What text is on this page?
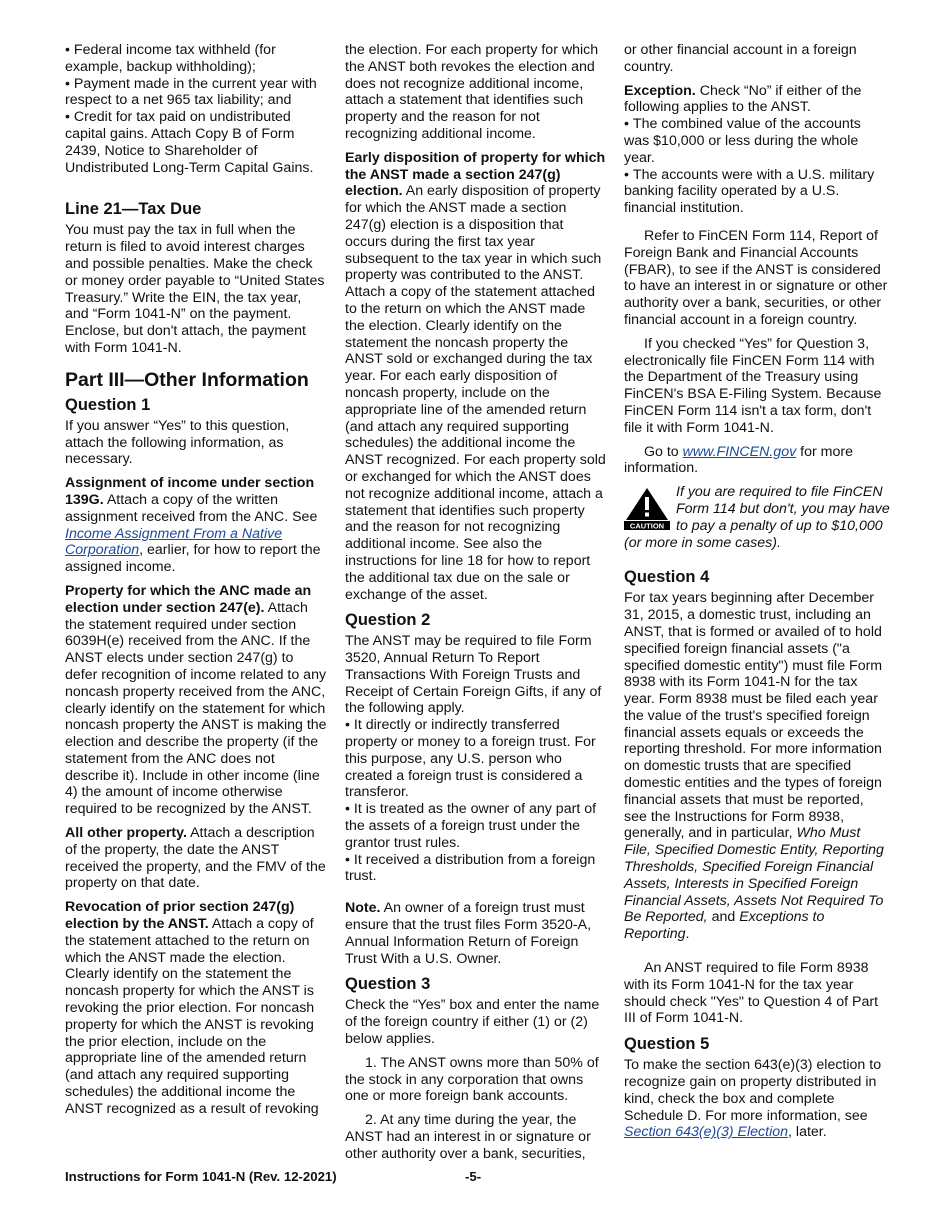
• Federal income tax withheld (for example, backup withholding);

• Payment made in the current year with respect to a net 965 tax liability; and

• Credit for tax paid on undistributed capital gains. Attach Copy B of Form 2439, Notice to Shareholder of Undistributed Long-Term Capital Gains.

Line 21—Tax Due

You must pay the tax in full when the return is filed to avoid interest charges and possible penalties. Make the check or money order payable to “United States Treasury.” Write the EIN, the tax year, and “Form 1041-N” on the payment. Enclose, but don't attach, the payment with Form 1041-N.

Part III—Other Information
Question 1

If you answer “Yes” to this question, attach the following information, as necessary.

Assignment of income under section 139G. Attach a copy of the written assignment received from the ANC. See Income Assignment From a Native Corporation, earlier, for how to report the assigned income.

Property for which the ANC made an election under section 247(e). Attach the statement required under section 6039H(e) received from the ANC. If the ANST elects under section 247(g) to defer recognition of income related to any noncash property received from the ANC, clearly identify on the statement for which noncash property the ANST is making the election and describe the property (if the statement from the ANC does not describe it). Include in other income (line 4) the amount of income otherwise required to be recognized by the ANST.

All other property. Attach a description of the property, the date the ANST received the property, and the FMV of the property on that date.

Revocation of prior section 247(g) election by the ANST. Attach a copy of the statement attached to the return on which the ANST made the election. Clearly identify on the statement the noncash property for which the ANST is revoking the prior election. For noncash property for which the ANST is revoking the prior election, include on the appropriate line of the amended return (and attach any required supporting schedules) the additional income the ANST recognized as a result of revoking

the election. For each property for which the ANST both revokes the election and does not recognize additional income, attach a statement that identifies such property and the reason for not recognizing additional income.

Early disposition of property for which the ANST made a section 247(g) election. An early disposition of property for which the ANST made a section 247(g) election is a disposition that occurs during the first tax year subsequent to the tax year in which such property was contributed to the ANST. Attach a copy of the statement attached to the return on which the ANST made the election. Clearly identify on the statement the noncash property the ANST sold or exchanged during the tax year. For each early disposition of noncash property, include on the appropriate line of the amended return (and attach any required supporting schedules) the additional income the ANST recognized. For each property sold or exchanged for which the ANST does not recognize additional income, attach a statement that identifies such property and the reason for not recognizing additional income. See also the instructions for line 18 for how to report the additional tax due on the sale or exchange of the asset.

Question 2

The ANST may be required to file Form 3520, Annual Return To Report Transactions With Foreign Trusts and Receipt of Certain Foreign Gifts, if any of the following apply.

• It directly or indirectly transferred property or money to a foreign trust. For this purpose, any U.S. person who created a foreign trust is considered a transferor.

• It is treated as the owner of any part of the assets of a foreign trust under the grantor trust rules.

• It received a distribution from a foreign trust.

Note. An owner of a foreign trust must ensure that the trust files Form 3520-A, Annual Information Return of Foreign Trust With a U.S. Owner.

Question 3

Check the “Yes” box and enter the name of the foreign country if either (1) or (2) below applies.

1. The ANST owns more than 50% of the stock in any corporation that owns one or more foreign bank accounts.

2. At any time during the year, the ANST had an interest in or signature or other authority over a bank, securities,

or other financial account in a foreign country.

Exception. Check “No” if either of the following applies to the ANST.

• The combined value of the accounts was $10,000 or less during the whole year.

• The accounts were with a U.S. military banking facility operated by a U.S. financial institution.

Refer to FinCEN Form 114, Report of Foreign Bank and Financial Accounts (FBAR), to see if the ANST is considered to have an interest in or signature or other authority over a bank, securities, or other financial account in a foreign country.

If you checked “Yes” for Question 3, electronically file FinCEN Form 114 with the Department of the Treasury using FinCEN's BSA E-Filing System. Because FinCEN Form 114 isn't a tax form, don't file it with Form 1041-N.

Go to www.FINCEN.gov for more information.

CAUTION
If you are required to file FinCEN Form 114 but don't, you may have to pay a penalty of up to $10,000 (or more in some cases).
Question 4

For tax years beginning after December 31, 2015, a domestic trust, including an ANST, that is formed or availed of to hold specified foreign financial assets ("a specified domestic entity") must file Form 8938 with its Form 1041-N for the tax year. Form 8938 must be filed each year the value of the trust's specified foreign financial assets equals or exceeds the reporting threshold. For more information on domestic trusts that are specified domestic entities and the types of foreign financial assets that must be reported, see the Instructions for Form 8938, generally, and in particular, Who Must File, Specified Domestic Entity, Reporting Thresholds, Specified Foreign Financial Assets, Interests in Specified Foreign Financial Assets, Assets Not Required To Be Reported, and Exceptions to Reporting.

An ANST required to file Form 8938 with its Form 1041-N for the tax year should check "Yes" to Question 4 of Part III of Form 1041-N.

Question 5

To make the section 643(e)(3) election to recognize gain on property distributed in kind, check the box and complete Schedule D. For more information, see Section 643(e)(3) Election, later.

Instructions for Form 1041-N (Rev. 12-2021)	-5-
